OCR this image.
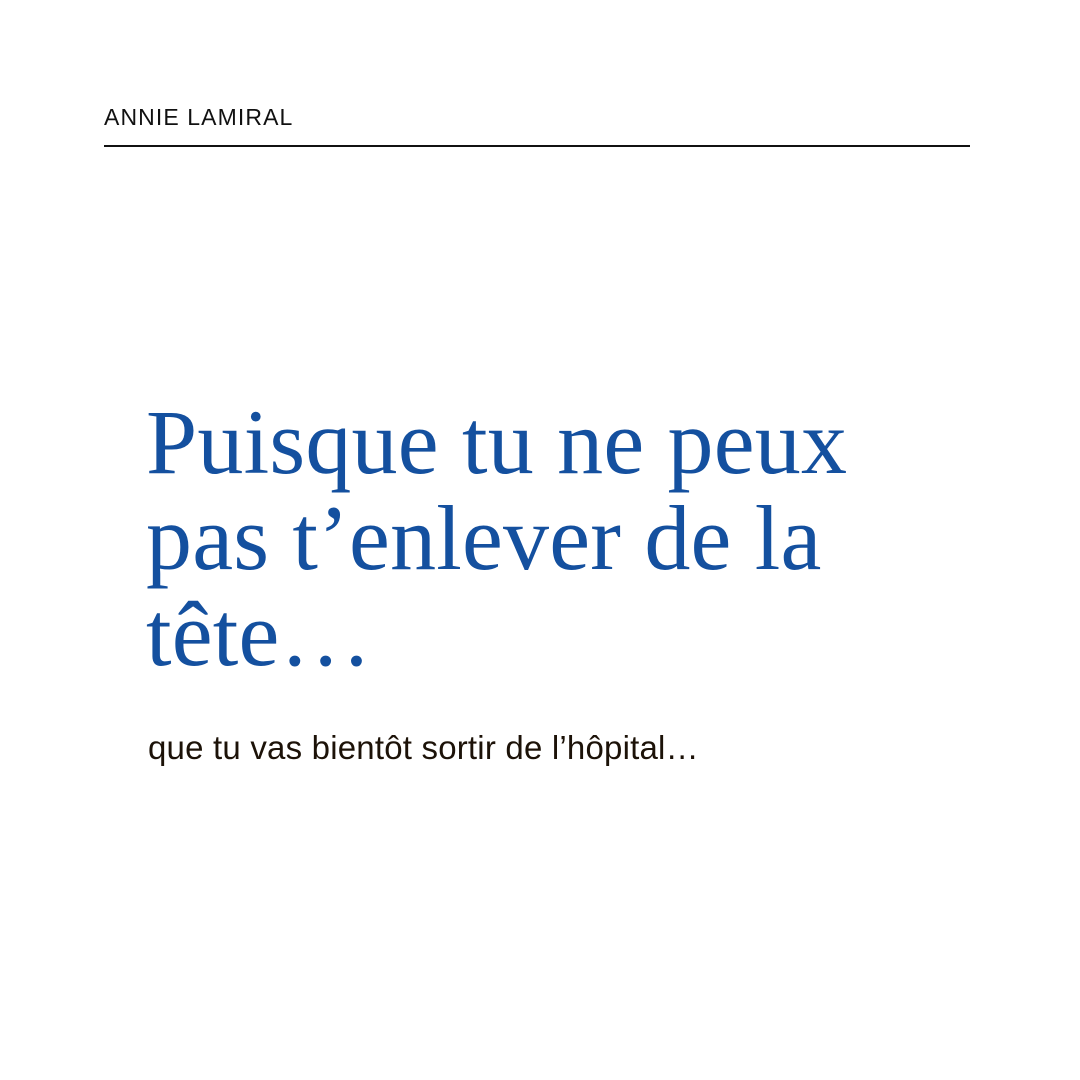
ANNIE LAMIRAL
Puisque tu ne peux
pas t’enlever de la
tête…
que tu vas bientôt sortir de l’hôpital…
